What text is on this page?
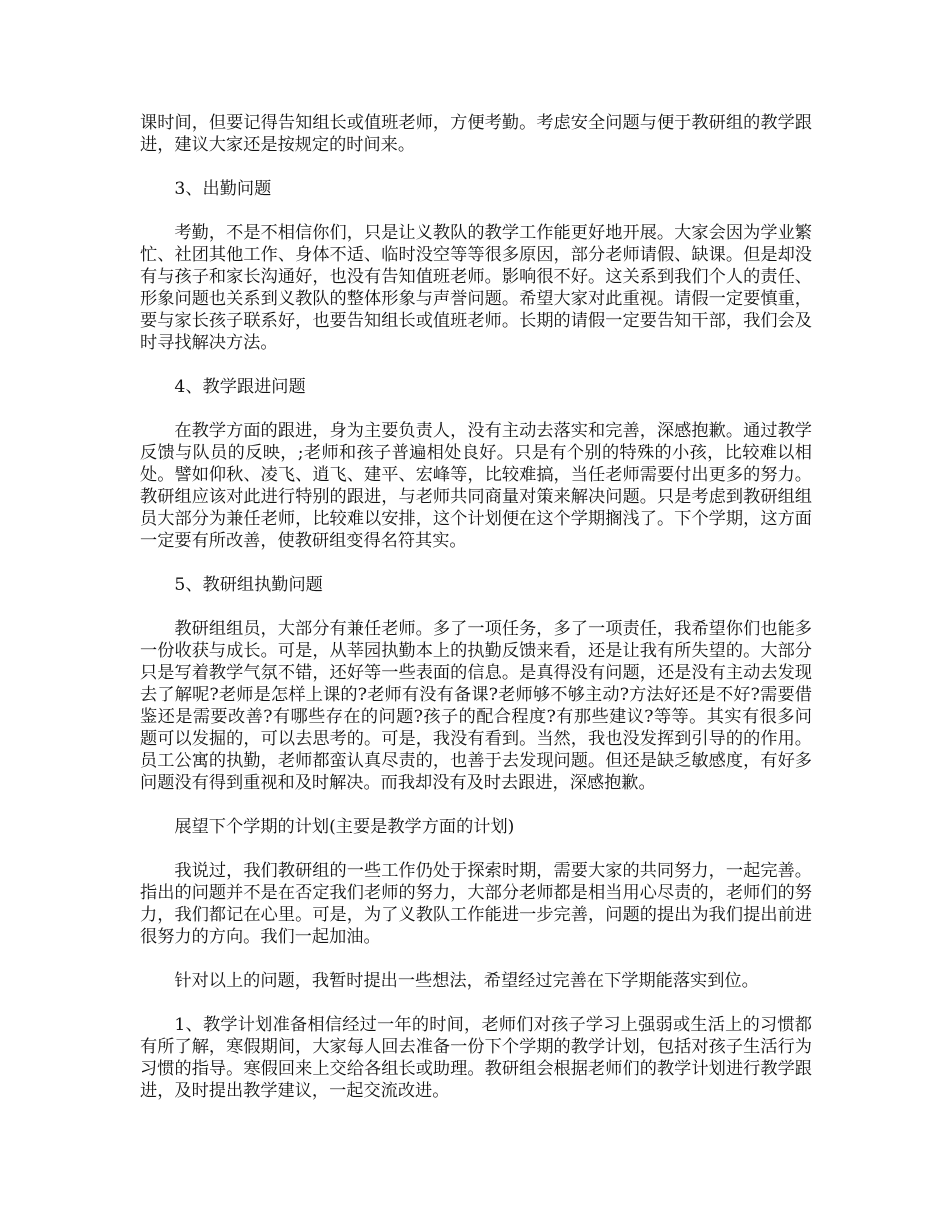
课时间，但要记得告知组长或值班老师，方便考勤。考虑安全问题与便于教研组的教学跟进，建议大家还是按规定的时间来。

3、出勤问题

考勤，不是不相信你们，只是让义教队的教学工作能更好地开展。大家会因为学业繁忙、社团其他工作、身体不适、临时没空等等很多原因，部分老师请假、缺课。但是却没有与孩子和家长沟通好，也没有告知值班老师。影响很不好。这关系到我们个人的责任、形象问题也关系到义教队的整体形象与声誉问题。希望大家对此重视。请假一定要慎重，要与家长孩子联系好，也要告知组长或值班老师。长期的请假一定要告知干部，我们会及时寻找解决方法。

4、教学跟进问题

在教学方面的跟进，身为主要负责人，没有主动去落实和完善，深感抱歉。通过教学反馈与队员的反映，;老师和孩子普遍相处良好。只是有个别的特殊的小孩，比较难以相处。譬如仰秋、凌飞、逍飞、建平、宏峰等，比较难搞，当任老师需要付出更多的努力。教研组应该对此进行特别的跟进，与老师共同商量对策来解决问题。只是考虑到教研组组员大部分为兼任老师，比较难以安排，这个计划便在这个学期搁浅了。下个学期，这方面一定要有所改善，使教研组变得名符其实。

5、教研组执勤问题

教研组组员，大部分有兼任老师。多了一项任务，多了一项责任，我希望你们也能多一份收获与成长。可是，从莘园执勤本上的执勤反馈来看，还是让我有所失望的。大部分只是写着教学气氛不错，还好等一些表面的信息。是真得没有问题，还是没有主动去发现去了解呢?老师是怎样上课的?老师有没有备课?老师够不够主动?方法好还是不好?需要借鉴还是需要改善?有哪些存在的问题?孩子的配合程度?有那些建议?等等。其实有很多问题可以发掘的，可以去思考的。可是，我没有看到。当然，我也没发挥到引导的的作用。员工公寓的执勤，老师都蛮认真尽责的，也善于去发现问题。但还是缺乏敏感度，有好多问题没有得到重视和及时解决。而我却没有及时去跟进，深感抱歉。

展望下个学期的计划(主要是教学方面的计划)

我说过，我们教研组的一些工作仍处于探索时期，需要大家的共同努力，一起完善。指出的问题并不是在否定我们老师的努力，大部分老师都是相当用心尽责的，老师们的努力，我们都记在心里。可是，为了义教队工作能进一步完善，问题的提出为我们提出前进很努力的方向。我们一起加油。

针对以上的问题，我暂时提出一些想法，希望经过完善在下学期能落实到位。

1、教学计划准备相信经过一年的时间，老师们对孩子学习上强弱或生活上的习惯都有所了解，寒假期间，大家每人回去准备一份下个学期的教学计划，包括对孩子生活行为习惯的指导。寒假回来上交给各组长或助理。教研组会根据老师们的教学计划进行教学跟进，及时提出教学建议，一起交流改进。
